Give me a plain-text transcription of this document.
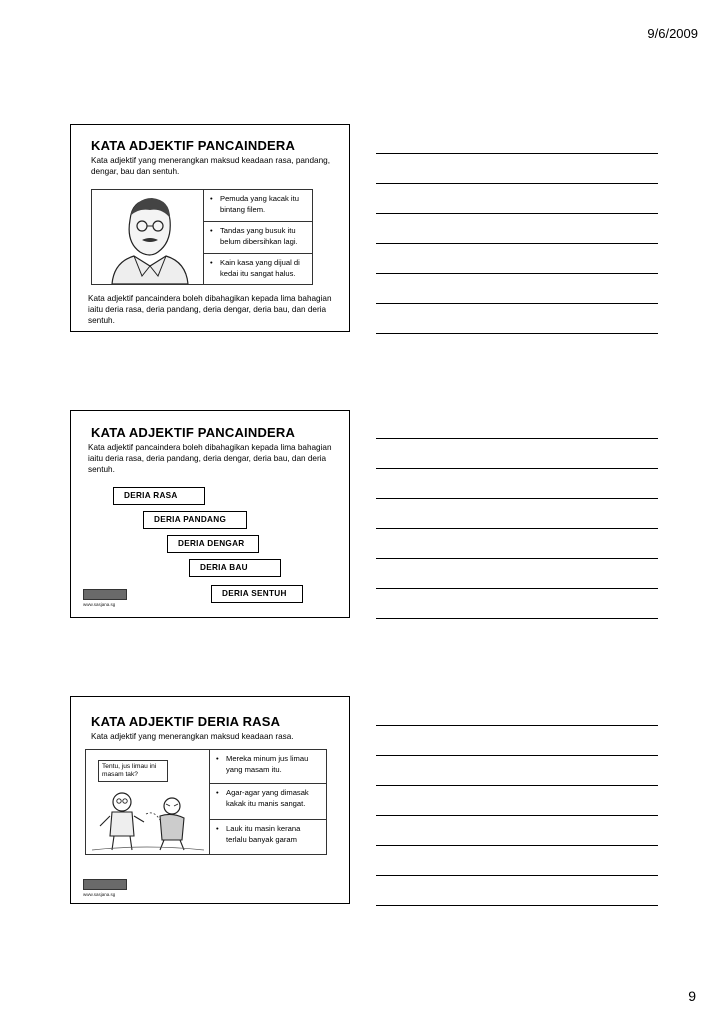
9/6/2009
KATA ADJEKTIF PANCAINDERA
Kata adjektif yang menerangkan maksud keadaan rasa, pandang, dengar, bau dan sentuh.
• Pemuda yang kacak itu bintang filem.
• Tandas yang busuk itu belum dibersihkan lagi.
• Kain kasa yang dijual di kedai itu sangat halus.
Kata adjektif pancaindera boleh dibahagikan kepada lima bahagian iaitu deria rasa, deria pandang, deria dengar, deria bau, dan deria sentuh.
KATA ADJEKTIF PANCAINDERA
Kata adjektif pancaindera boleh dibahagikan kepada lima bahagian iaitu deria rasa, deria pandang, deria dengar, deria bau, dan deria sentuh.
DERIA RASA
DERIA PANDANG
DERIA DENGAR
DERIA BAU
DERIA SENTUH
www.sasjana.sg
KATA ADJEKTIF DERIA RASA
Kata adjektif yang menerangkan maksud keadaan rasa.
Tentu, jus limau ini masam tak?
• Mereka minum jus limau yang masam itu.
• Agar-agar yang dimasak kakak itu manis sangat.
• Lauk itu masin kerana terlalu banyak garam
www.sasjana.sg
9
